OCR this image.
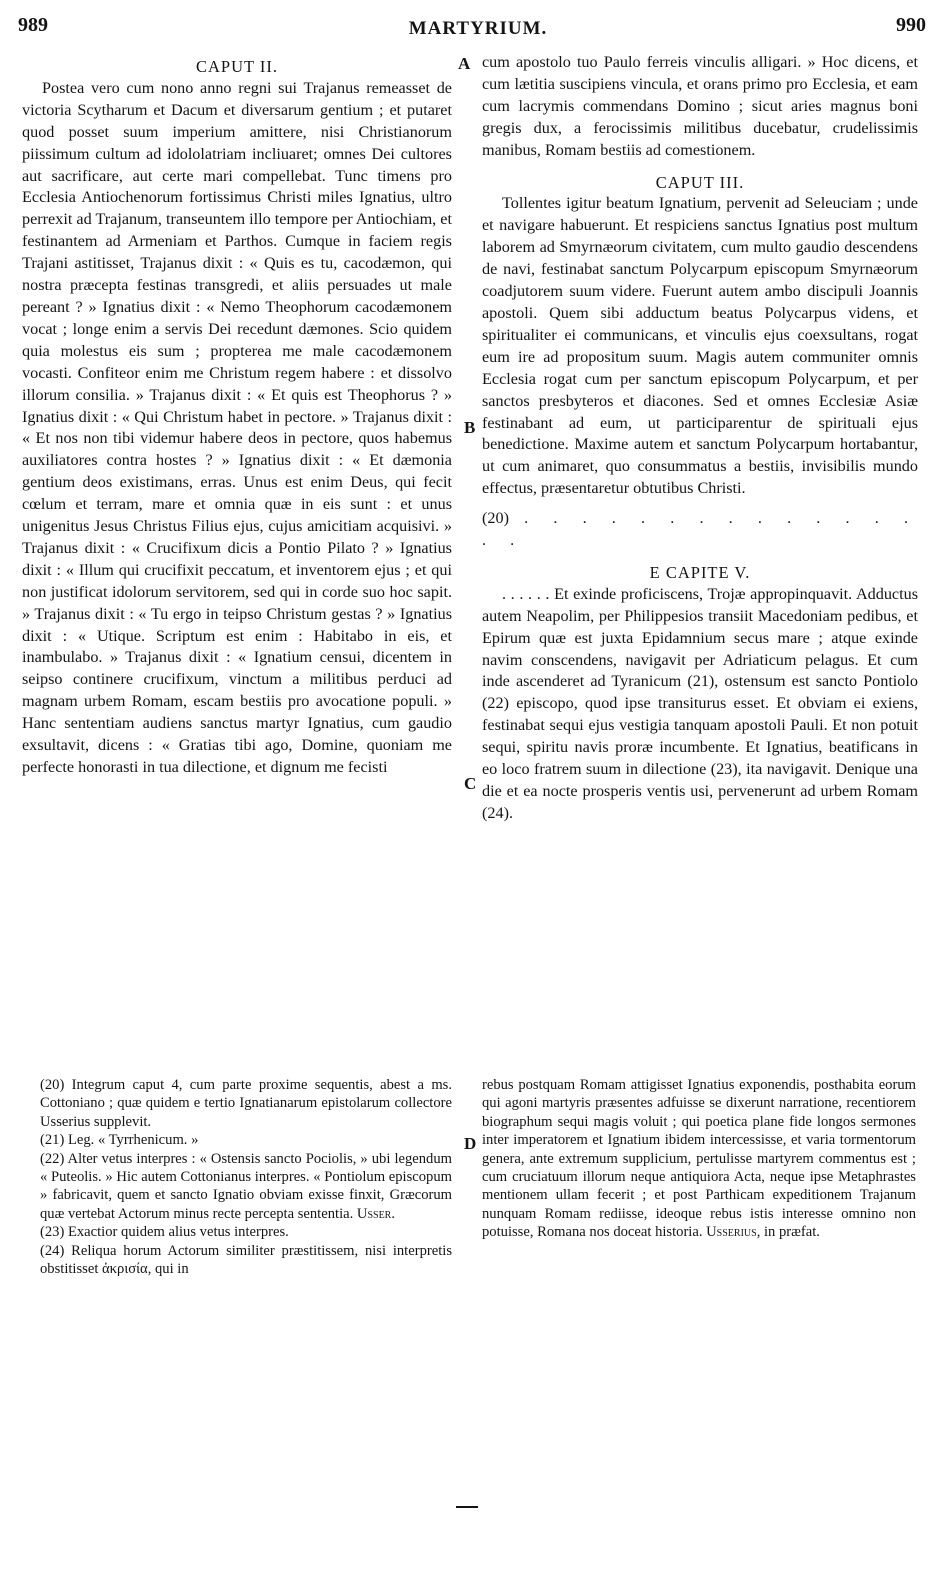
989	MARTYRIUM.	990

CAPUT II.

Postea vero cum nono anno regni sui Trajanus remeasset de victoria Scytharum et Dacum et diversarum gentium ; et putaret quod posset suum imperium amittere, nisi Christianorum piissimum cultum ad idololatriam incliuaret; omnes Dei cultores aut sacrificare, aut certe mari compellebat. Tunc timens pro Ecclesia Antiochenorum fortissimus Christi miles Ignatius, ultro perrexit ad Trajanum, transeuntem illo tempore per Antiochiam, et festinantem ad Armeniam et Parthos. Cumque in faciem regis Trajani astitisset, Trajanus dixit : « Quis es tu, cacodæmon, qui nostra præcepta festinas transgredi, et aliis persuades ut male pereant ? » Ignatius dixit : « Nemo Theophorum cacodæmonem vocat ; longe enim a servis Dei recedunt dæmones. Scio quidem quia molestus eis sum ; propterea me male cacodæmonem vocasti. Confiteor enim me Christum regem habere : et dissolvo illorum consilia. » Trajanus dixit : « Et quis est Theophorus ? » Ignatius dixit : « Qui Christum habet in pectore. » Trajanus dixit : « Et nos non tibi videmur habere deos in pectore, quos habemus auxiliatores contra hostes ? » Ignatius dixit : « Et dæmonia gentium deos existimans, erras. Unus est enim Deus, qui fecit cœlum et terram, mare et omnia quæ in eis sunt : et unus unigenitus Jesus Christus Filius ejus, cujus amicitiam acquisivi. » Trajanus dixit : « Crucifixum dicis a Pontio Pilato ? » Ignatius dixit : « Illum qui crucifixit peccatum, et inventorem ejus ; et qui non justificat idolorum servitorem, sed qui in corde suo hoc sapit. » Trajanus dixit : « Tu ergo in teipso Christum gestas ? » Ignatius dixit : « Utique. Scriptum est enim : Habitabo in eis, et inambulabo. » Trajanus dixit : « Ignatium censui, dicentem in seipso continere crucifixum, vinctum a militibus perduci ad magnam urbem Romam, escam bestiis pro avocatione populi. » Hanc sententiam audiens sanctus martyr Ignatius, cum gaudio exsultavit, dicens : « Gratias tibi ago, Domine, quoniam me perfecte honorasti in tua dilectione, et dignum me fecisti

cum apostolo tuo Paulo ferreis vinculis alligari. » Hoc dicens, et cum lætitia suscipiens vincula, et orans primo pro Ecclesia, et eam cum lacrymis commendans Domino ; sicut aries magnus boni gregis dux, a ferocissimis militibus ducebatur, crudelissimis manibus, Romam bestiis ad comestionem.

CAPUT III.

Tollentes igitur beatum Ignatium, pervenit ad Seleuciam ; unde et navigare habuerunt. Et respiciens sanctus Ignatius post multum laborem ad Smyrnæorum civitatem, cum multo gaudio descendens de navi, festinabat sanctum Polycarpum episcopum Smyrnæorum coadjutorem suum videre. Fuerunt autem ambo discipuli Joannis apostoli. Quem sibi adductum beatus Polycarpus videns, et spiritualiter ei communicans, et vinculis ejus coexsultans, rogat eum ire ad propositum suum. Magis autem communiter omnis Ecclesia rogat cum per sanctum episcopum Polycarpum, et per sanctos presbyteros et diacones. Sed et omnes Ecclesiæ Asiæ festinabant ad eum, ut participarentur de spirituali ejus benedictione. Maxime autem et sanctum Polycarpum hortabantur, ut cum animaret, quo consummatus a bestiis, invisibilis mundo effectus, præsentaretur obtutibus Christi.

(20) . . . . . . . . . . . . . . . .

E CAPITE V.

. . . . . . Et exinde proficiscens, Trojæ appropinquavit. Adductus autem Neapolim, per Philippesios transiit Macedoniam pedibus, et Epirum quæ est juxta Epidamnium secus mare ; atque exinde navim conscendens, navigavit per Adriaticum pelagus. Et cum inde ascenderet ad Tyranicum (21), ostensum est sancto Pontiolo (22) episcopo, quod ipse transiturus esset. Et obviam ei exiens, festinabat sequi ejus vestigia tanquam apostoli Pauli. Et non potuit sequi, spiritu navis proræ incumbente. Et Ignatius, beatificans in eo loco fratrem suum in dilectione (23), ita navigavit. Denique una die et ea nocte prosperis ventis usi, pervenerunt ad urbem Romam (24).

A
B
C
D

(20) Integrum caput 4, cum parte proxime sequentis, abest a ms. Cottoniano ; quæ quidem e tertio Ignatianarum epistolarum collectore Usserius supplevit.

(21) Leg. « Tyrrhenicum. »

(22) Alter vetus interpres : « Ostensis sancto Pociolis, » ubi legendum « Puteolis. » Hic autem Cottonianus interpres. « Pontiolum episcopum » fabricavit, quem et sancto Ignatio obviam exisse finxit, Græcorum quæ vertebat Actorum minus recte percepta sententia. Usser.

(23) Exactior quidem alius vetus interpres.

(24) Reliqua horum Actorum similiter præstitissem, nisi interpretis obstitisset ἀκρισία, qui in

rebus postquam Romam attigisset Ignatius exponendis, posthabita eorum qui agoni martyris præsentes adfuisse se dixerunt narratione, recentiorem biographum sequi magis voluit ; qui poetica plane fide longos sermones inter imperatorem et Ignatium ibidem intercessisse, et varia tormentorum genera, ante extremum supplicium, pertulisse martyrem commentus est ; cum cruciatuum illorum neque antiquiora Acta, neque ipse Metaphrastes mentionem ullam fecerit ; et post Parthicam expeditionem Trajanum nunquam Romam rediisse, ideoque rebus istis interesse omnino non potuisse, Romana nos doceat historia. Usserius, in præfat.
